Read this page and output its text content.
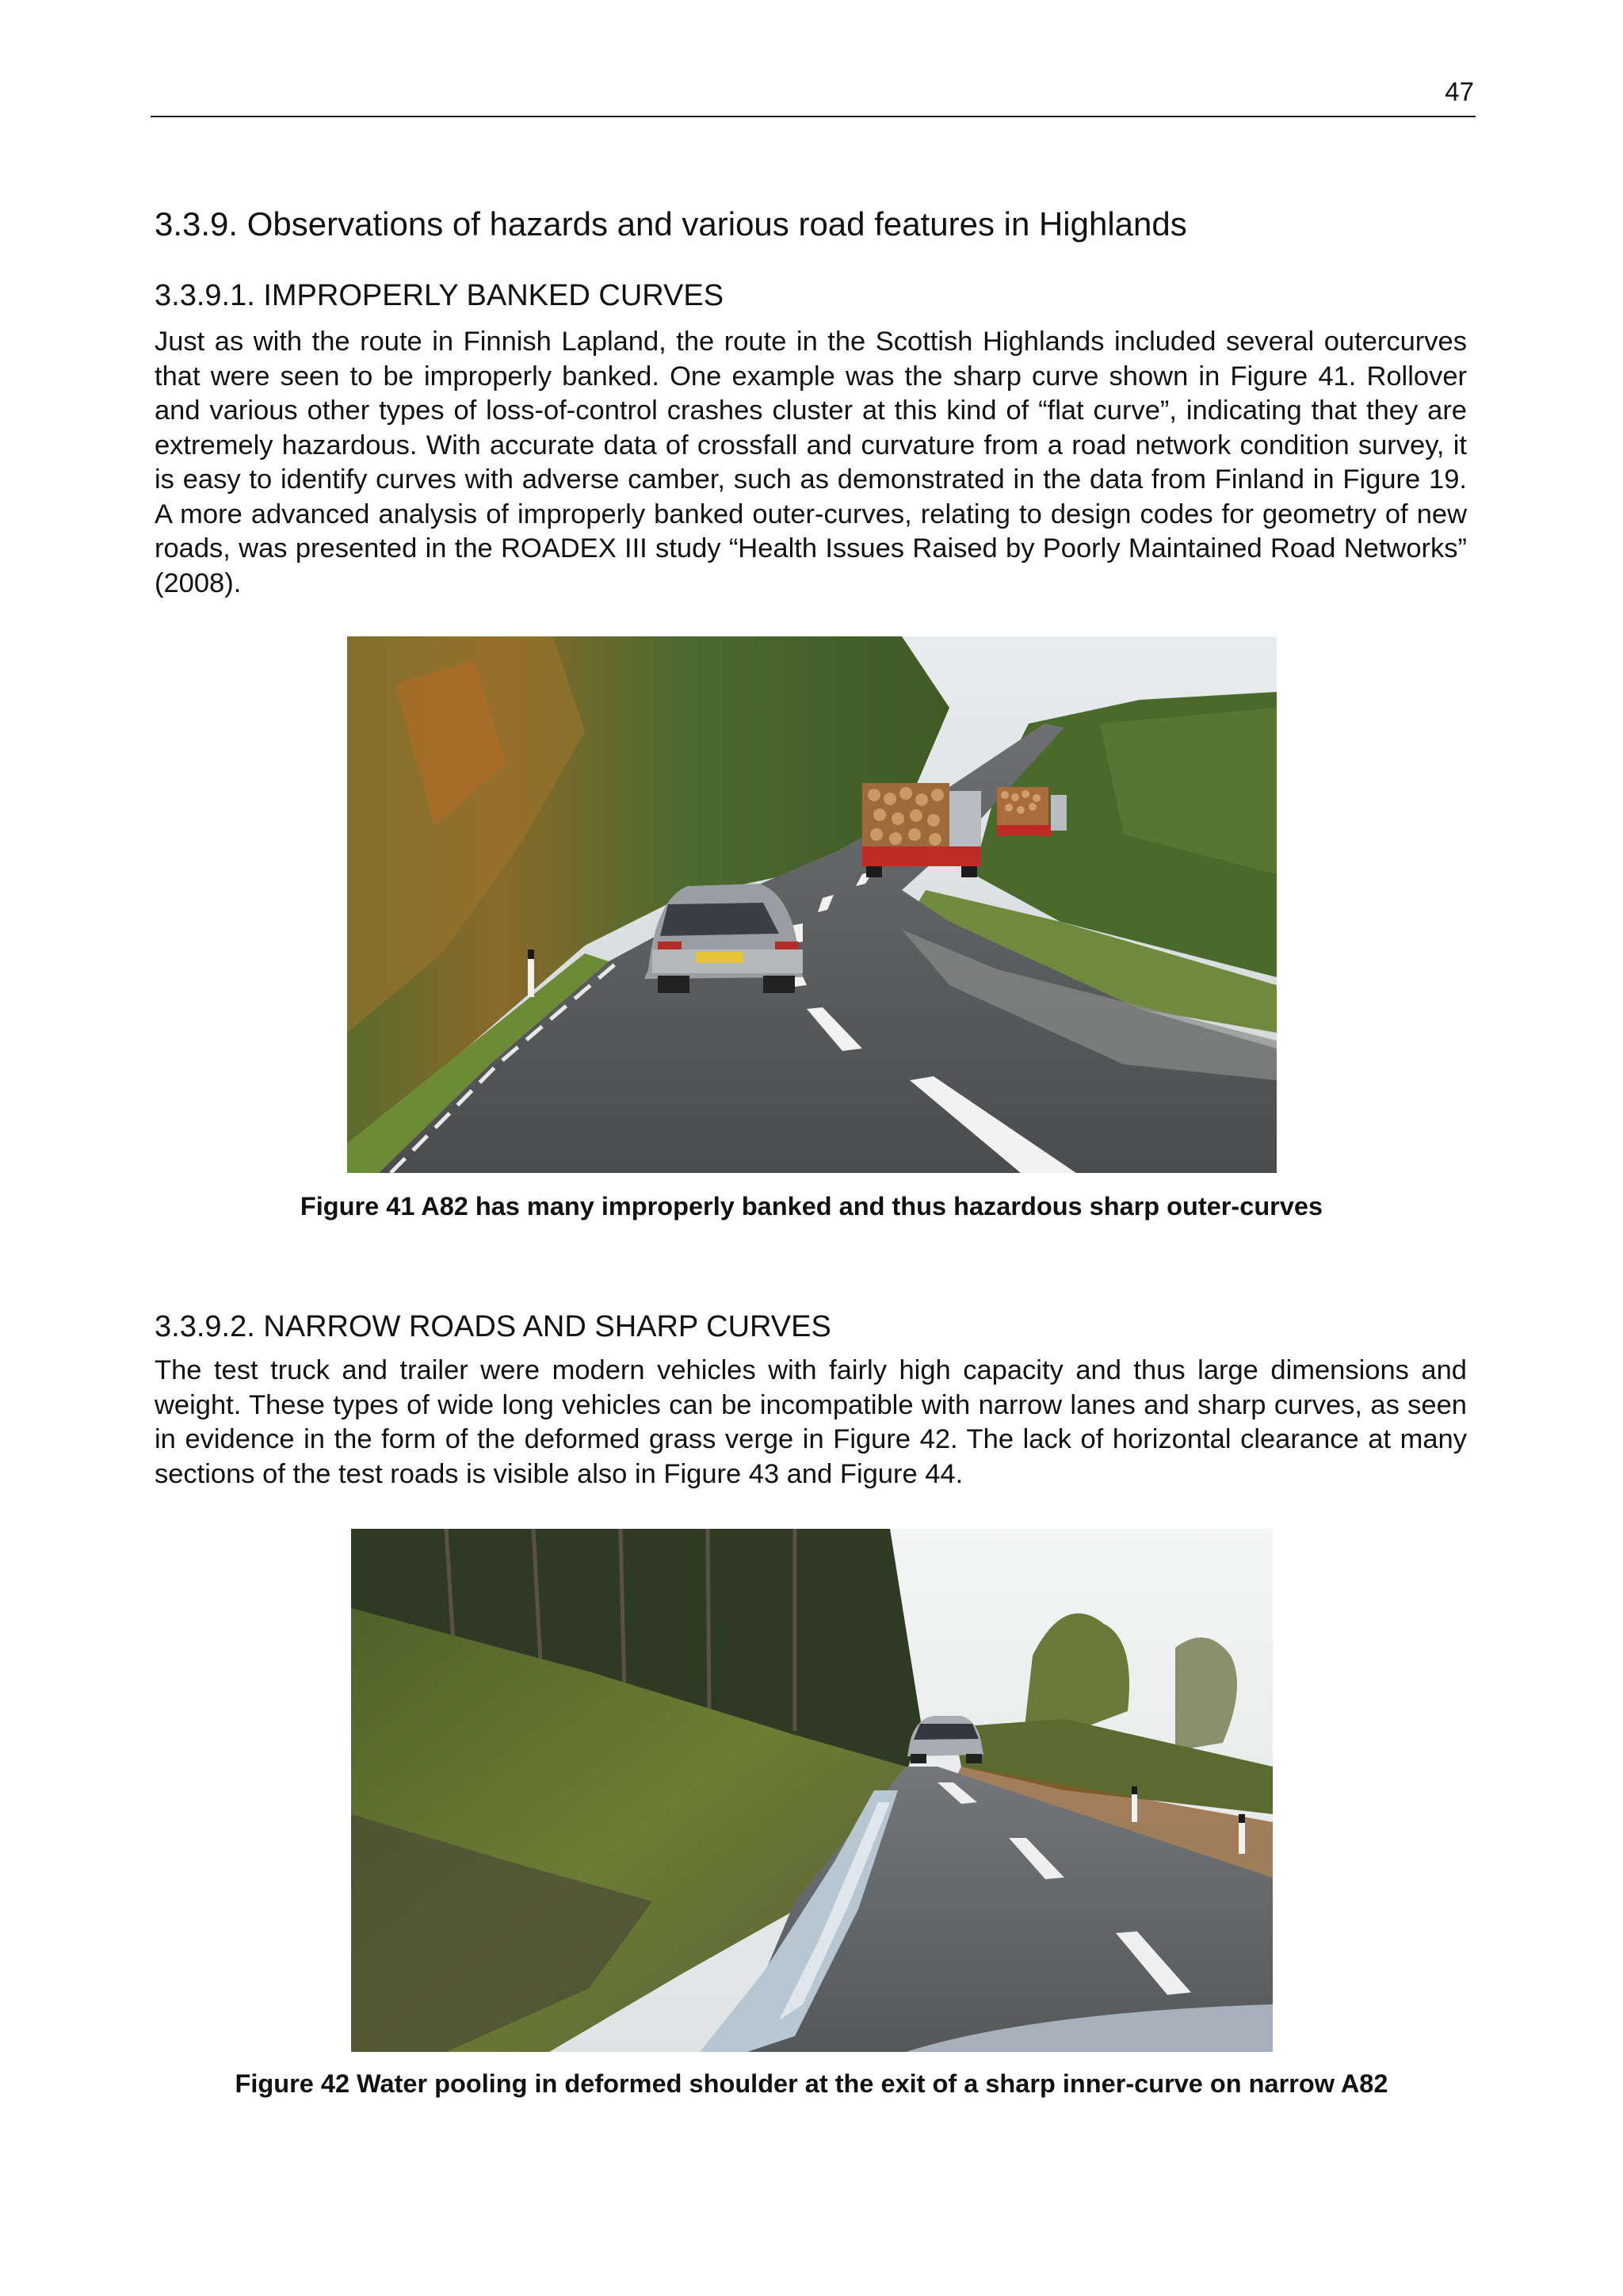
47
3.3.9. Observations of hazards and various road features in Highlands
3.3.9.1. IMPROPERLY BANKED CURVES

Just as with the route in Finnish Lapland, the route in the Scottish Highlands included several outercurves that were seen to be improperly banked. One example was the sharp curve shown in Figure 41. Rollover and various other types of loss-of-control crashes cluster at this kind of “flat curve”, indicating that they are extremely hazardous. With accurate data of crossfall and curvature from a road network condition survey, it is easy to identify curves with adverse camber, such as demonstrated in the data from Finland in Figure 19. A more advanced analysis of improperly banked outer-curves, relating to design codes for geometry of new roads, was presented in the ROADEX III study “Health Issues Raised by Poorly Maintained Road Networks” (2008).

Figure 41 A82 has many improperly banked and thus hazardous sharp outer-curves
3.3.9.2. NARROW ROADS AND SHARP CURVES

The test truck and trailer were modern vehicles with fairly high capacity and thus large dimensions and weight. These types of wide long vehicles can be incompatible with narrow lanes and sharp curves, as seen in evidence in the form of the deformed grass verge in Figure 42. The lack of horizontal clearance at many sections of the test roads is visible also in Figure 43 and Figure 44.

Figure 42 Water pooling in deformed shoulder at the exit of a sharp inner-curve on narrow A82
